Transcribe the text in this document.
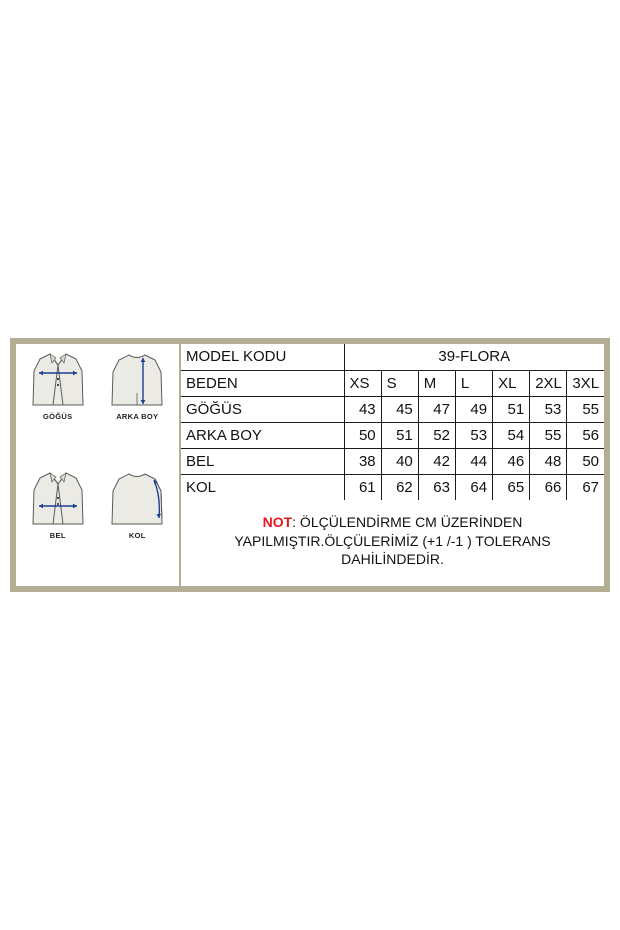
GÖĞÜS	ARKA BOY
BEL	KOL
MODEL KODU	39-FLORA						
BEDEN	XS	S	M	L	XL	2XL	3XL
GÖĞÜS	43	45	47	49	51	53	55
ARKA BOY	50	51	52	53	54	55	56
BEL	38	40	42	44	46	48	50
KOL	61	62	63	64	65	66	67

NOT: ÖLÇÜLENDİRME CM ÜZERİNDEN YAPILMIŞTIR.ÖLÇÜLERİMİZ (+1 /-1 ) TOLERANS DAHİLİNDEDİR.
